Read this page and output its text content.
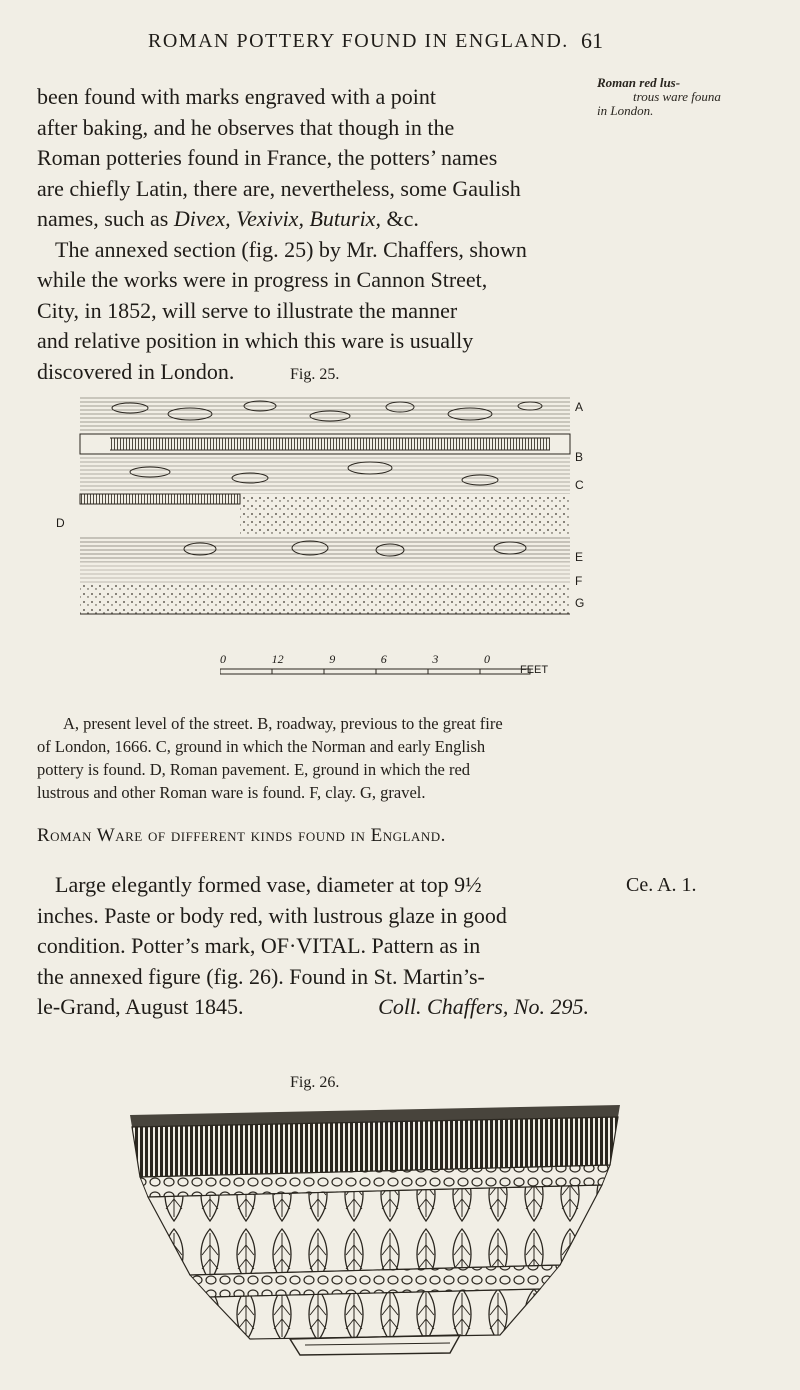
ROMAN POTTERY FOUND IN ENGLAND. 61
Roman red lus-
trous ware founa
in London.

been found with marks engraved with a point

after baking, and he observes that though in the

Roman potteries found in France, the potters’ names

are chiefly Latin, there are, nevertheless, some Gaulish

names, such as Divex, Vexivix, Buturix, &c.

The annexed section (fig. 25) by Mr. Chaffers, shown

while the works were in progress in Cannon Street,

City, in 1852, will serve to illustrate the manner

and relative position in which this ware is usually

discovered in London.	Fig. 25.
A
B
C
D
E
F
G
0	12	9	6	3	0
FEET

A, present level of the street. B, roadway, previous to the great fire

of London, 1666. C, ground in which the Norman and early English

pottery is found. D, Roman pavement. E, ground in which the red

lustrous and other Roman ware is found. F, clay. G, gravel.

Roman Ware of different kinds found in England.
Ce. A. 1.

Large elegantly formed vase, diameter at top 9½

inches. Paste or body red, with lustrous glaze in good

condition. Potter’s mark, OF·VITAL. Pattern as in

the annexed figure (fig. 26). Found in St. Martin’s-

le-Grand, August 1845.	Coll. Chaffers, No. 295.

Fig. 26.
